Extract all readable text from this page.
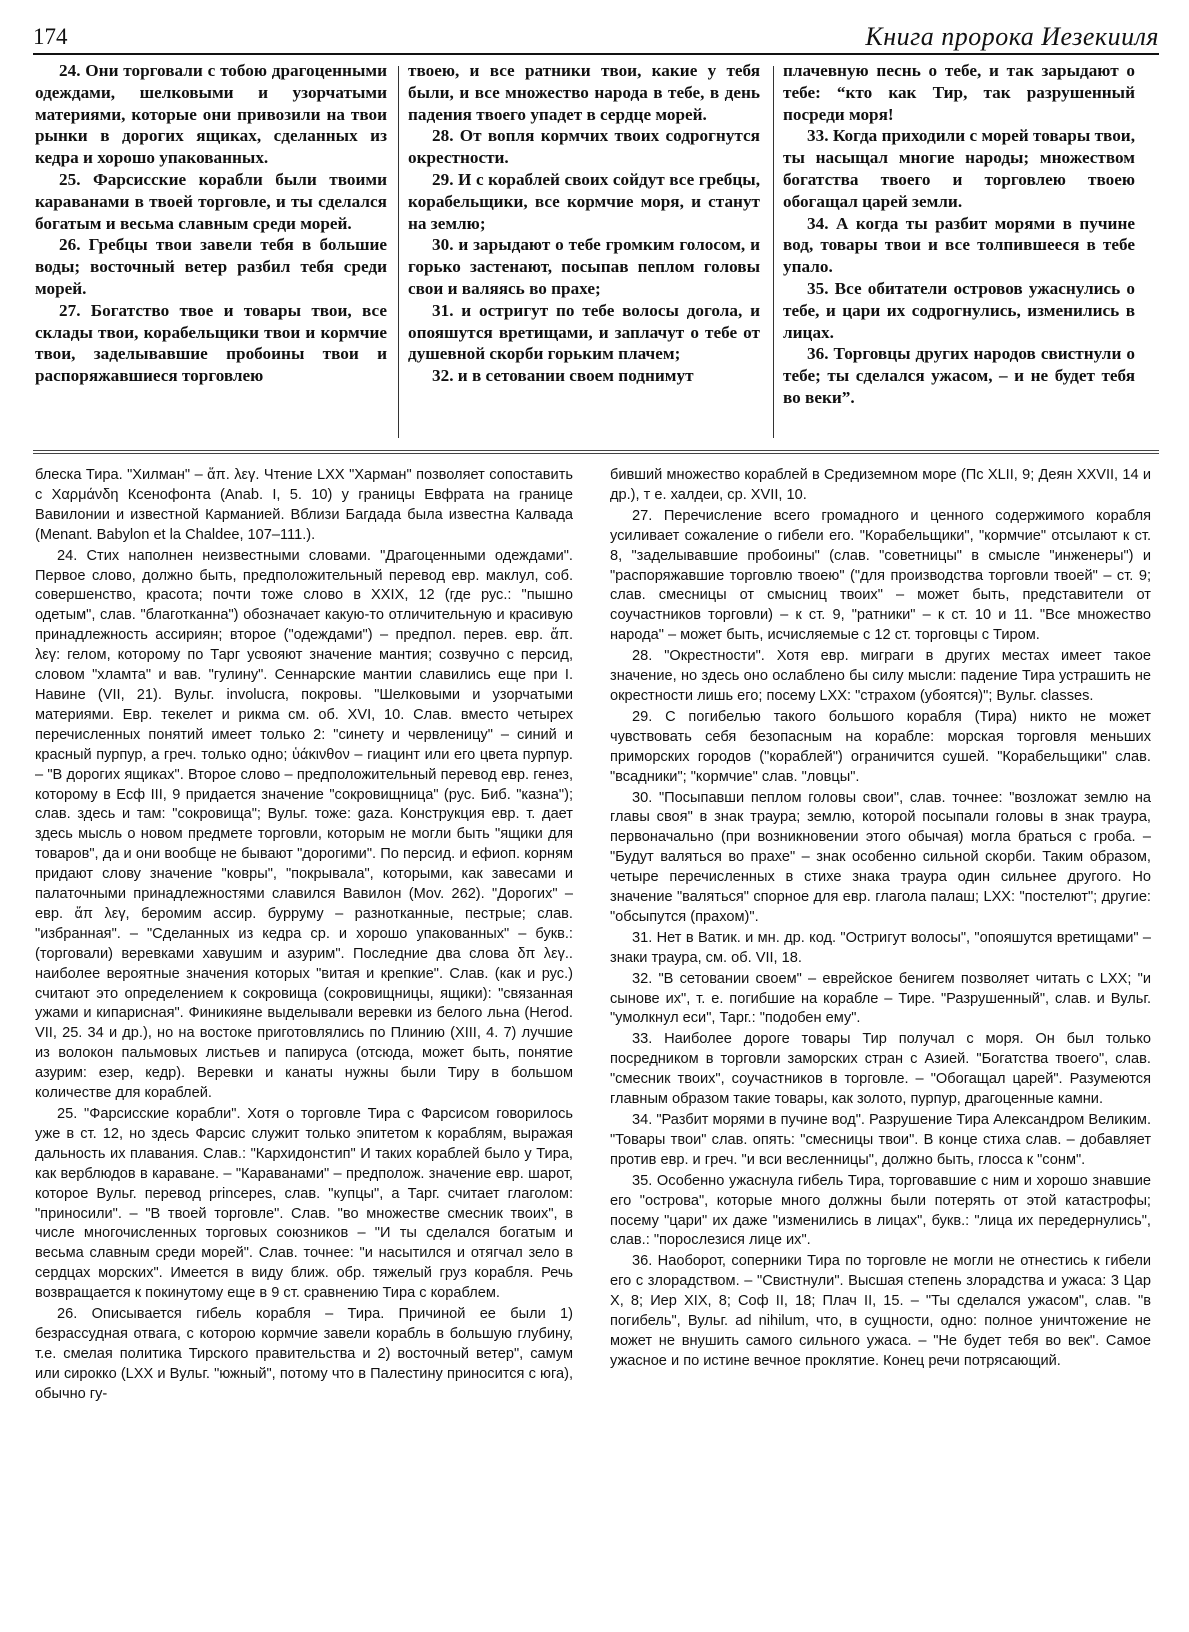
174	Книга пророка Иезекииля

24. Они торговали с тобою драгоценными одеждами, шелковыми и узорчатыми материями, которые они привозили на твои рынки в дорогих ящиках, сделанных из кедра и хорошо упакованных.

25. Фарсисские корабли были твоими караванами в твоей торговле, и ты сделался богатым и весьма славным среди морей.

26. Гребцы твои завели тебя в большие воды; восточный ветер разбил тебя среди морей.

27. Богатство твое и товары твои, все склады твои, корабельщики твои и кормчие твои, заделывавшие пробоины твои и распоряжавшиеся торговлею

твоею, и все ратники твои, какие у тебя были, и все множество народа в тебе, в день падения твоего упадет в сердце морей.

28. От вопля кормчих твоих содрогнутся окрестности.

29. И с кораблей своих сойдут все гребцы, корабельщики, все кормчие моря, и станут на землю;

30. и зарыдают о тебе громким голосом, и горько застенают, посыпав пеплом головы свои и валяясь во прахе;

31. и остригут по тебе волосы догола, и опояшутся вретищами, и заплачут о тебе от душевной скорби горьким плачем;

32. и в сетовании своем поднимут

плачевную песнь о тебе, и так зарыдают о тебе: “кто как Тир, так разрушенный посреди моря!

33. Когда приходили с морей товары твои, ты насыщал многие народы; множеством богатства твоего и торговлею твоею обогащал царей земли.

34. А когда ты разбит морями в пучине вод, товары твои и все толпившееся в тебе упало.

35. Все обитатели островов ужаснулись о тебе, и цари их содрогнулись, изменились в лицах.

36. Торговцы других народов свистнули о тебе; ты сделался ужасом, – и не будет тебя во веки”.

блеска Тира. "Хилман" – ἅπ. λεγ. Чтение LXX "Харман" позволяет сопоставить с Χαρμάνδη Ксенофонта (Anab. I, 5. 10) у границы Евфрата на границе Вавилонии и известной Карманией. Вблизи Багдада была известна Калвада (Menant. Babylon et la Chaldee, 107–111.).

24. Стих наполнен неизвестными словами. "Драгоценными одеждами". Первое слово, должно быть, предположительный перевод евр. маклул, соб. совершенство, красота; почти тоже слово в XXIX, 12 (где рус.: "пышно одетым", слав. "благотканна") обозначает какую-то отличительную и красивую принадлежность ассириян; второе ("одеждами") – предпол. перев. евр. ἅπ. λεγ: гелом, которому по Тарг усвояют значение мантия; созвучно с персид, словом "хламта" и вав. "гулину". Сеннарские мантии славились еще при I. Навине (VII, 21). Вульг. involucra, покровы. "Шелковыми и узорчатыми материями. Евр. текелет и рикма см. об. XVI, 10. Слав. вместо четырех перечисленных понятий имеет только 2: "синету и червленицу" – синий и красный пурпур, а греч. только одно; ὑάκινθον – гиацинт или его цвета пурпур. – "В дорогих ящиках". Второе слово – предположительный перевод евр. генез, которому в Есф III, 9 придается значение "сокровищница" (рус. Биб. "казна"); слав. здесь и там: "сокровища"; Вульг. тоже: gaza. Конструкция евр. т. дает здесь мысль о новом предмете торговли, которым не могли быть "ящики для товаров", да и они вообще не бывают "дорогими". По персид. и ефиоп. корням придают слову значение "ковры", "покрывала", которыми, как завесами и палаточными принадлежностями славился Вавилон (Mov. 262). "Дорогих" – евр. ἅπ λεγ, беромим ассир. бурруму – разнотканные, пестрые; слав. "избранная". – "Сделанных из кедра ср. и хорошо упакованных" – букв.: (торговали) веревками хавушим и азурим". Последние два слова δπ λεγ.. наиболее вероятные значения которых "витая и крепкие". Слав. (как и рус.) считают это определением к сокровища (сокровищницы, ящики): "связанная ужами и кипарисная". Финикияне выделывали веревки из белого льна (Herod. VII, 25. 34 и др.), но на востоке приготовлялись по Плинию (XIII, 4. 7) лучшие из волокон пальмовых листьев и папируса (отсюда, может быть, понятие азурим: езер, кедр). Веревки и канаты нужны были Тиру в большом количестве для кораблей.

25. "Фарсисские корабли". Хотя о торговле Тира с Фарсисом говорилось уже в ст. 12, но здесь Фарсис служит только эпитетом к кораблям, выражая дальность их плавания. Слав.: "Кархидонстип" И таких кораблей было у Тира, как верблюдов в караване. – "Караванами" – предполож. значение евр. шарот, которое Вульг. перевод princepes, слав. "купцы", а Тарг. считает глаголом: "приносили". – "В твоей торговле". Слав. "во множестве смесник твоих", в числе многочисленных торговых союзников – "И ты сделался богатым и весьма славным среди морей". Слав. точнее: "и насытился и отягчал зело в сердцах морских". Имеется в виду ближ. обр. тяжелый груз корабля. Речь возвращается к покинутому еще в 9 ст. сравнению Тира с кораблем.

26. Описывается гибель корабля – Тира. Причиной ее были 1) безрассудная отвага, с которою кормчие завели корабль в большую глубину, т.е. смелая политика Тирского правительства и 2) восточный ветер", самум или сирокко (LXX и Вульг. "южный", потому что в Палестину приносится с юга), обычно гу-

бивший множество кораблей в Средиземном море (Пс XLII, 9; Деян XXVII, 14 и др.), т е. халдеи, ср. XVII, 10.

27. Перечисление всего громадного и ценного содержимого корабля усиливает сожаление о гибели его. "Корабельщики", "кормчие" отсылают к ст. 8, "заделывавшие пробоины" (слав. "советницы" в смысле "инженеры") и "распоряжавшие торговлю твоею" ("для производства торговли твоей" – ст. 9; слав. смесницы от смысниц твоих" – может быть, представители от соучастников торговли) – к ст. 9, "ратники" – к ст. 10 и 11. "Все множество народа" – может быть, исчисляемые с 12 ст. торговцы с Тиром.

28. "Окрестности". Хотя евр. миграги в других местах имеет такое значение, но здесь оно ослаблено бы силу мысли: падение Тира устрашить не окрестности лишь его; посему LXX: "страхом (убоятся)"; Вульг. classes.

29. С погибелью такого большого корабля (Тира) никто не может чувствовать себя безопасным на корабле: морская торговля меньших приморских городов ("кораблей") ограничится сушей. "Корабельщики" слав. "всадники"; "кормчие" слав. "ловцы".

30. "Посыпавши пеплом головы свои", слав. точнее: "возложат землю на главы своя" в знак траура; землю, которой посыпали головы в знак траура, первоначально (при возникновении этого обычая) могла браться с гроба. – "Будут валяться во прахе" – знак особенно сильной скорби. Таким образом, четыре перечисленных в стихе знака траура один сильнее другого. Но значение "валяться" спорное для евр. глагола палаш; LXX: "постелют"; другие: "обсыпутся (прахом)".

31. Нет в Ватик. и мн. др. код. "Остригут волосы", "опояшутся вретищами" – знаки траура, см. об. VII, 18.

32. "В сетовании своем" – еврейское бенигем позволяет читать с LXX; "и сынове их", т. е. погибшие на корабле – Тире. "Разрушенный", слав. и Вульг. "умолкнул еси", Тарг.: "подобен ему".

33. Наиболее дороге товары Тир получал с моря. Он был только посредником в торговли заморских стран с Азией. "Богатства твоего", слав. "смесник твоих", соучастников в торговле. – "Обогащал царей". Разумеются главным образом такие товары, как золото, пурпур, драгоценные камни.

34. "Разбит морями в пучине вод". Разрушение Тира Александром Великим. "Товары твои" слав. опять: "смесницы твои". В конце стиха слав. – добавляет против евр. и греч. "и вси весленницы", должно быть, глосса к "сонм".

35. Особенно ужаснула гибель Тира, торговавшие с ним и хорошо знавшие его "острова", которые много должны были потерять от этой катастрофы; посему "цари" их даже "изменились в лицах", букв.: "лица их передернулись", слав.: "порослезися лице их".

36. Наоборот, соперники Тира по торговле не могли не отнестись к гибели его с злорадством. – "Свистнули". Высшая степень злорадства и ужаса: 3 Цар X, 8; Иер XIX, 8; Соф II, 18; Плач II, 15. – "Ты сделался ужасом", слав. "в погибель", Вульг. ad nihilum, что, в сущности, одно: полное уничтожение не может не внушить самого сильного ужаса. – "Не будет тебя во век". Самое ужасное и по истине вечное проклятие. Конец речи потрясающий.
